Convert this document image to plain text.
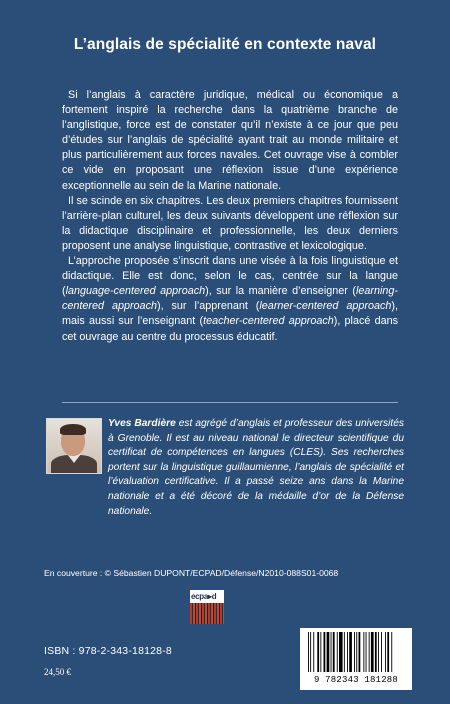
L’anglais de spécialité en contexte naval

Si l’anglais à caractère juridique, médical ou économique a fortement inspiré la recherche dans la quatrième branche de l’anglistique, force est de constater qu’il n’existe à ce jour que peu d’études sur l’anglais de spécialité ayant trait au monde militaire et plus particulièrement aux forces navales. Cet ouvrage vise à combler ce vide en proposant une réflexion issue d’une expérience exceptionnelle au sein de la Marine nationale.

Il se scinde en six chapitres. Les deux premiers chapitres fournissent l’arrière-plan culturel, les deux suivants développent une réflexion sur la didactique disciplinaire et professionnelle, les deux derniers proposent une analyse linguistique, contrastive et lexicologique.

L’approche proposée s’inscrit dans une visée à la fois linguistique et didactique. Elle est donc, selon le cas, centrée sur la langue (language-centered approach), sur la manière d’enseigner (learning-centered approach), sur l’apprenant (learner-centered approach), mais aussi sur l’enseignant (teacher-centered approach), placé dans cet ouvrage au centre du processus éducatif.

Yves Bardière est agrégé d’anglais et professeur des universités à Grenoble. Il est au niveau national le directeur scientifique du certificat de compétences en langues (CLES). Ses recherches portent sur la linguistique guillaumienne, l’anglais de spécialité et l’évaluation certificative. Il a passé seize ans dans la Marine nationale et a été décoré de la médaille d’or de la Défense nationale.
En couverture : © Sébastien DUPONT/ECPAD/Défense/N2010-088S01-0068
ecpa▸d
ISBN : 978-2-343-18128-8
24,50 €
9 782343 181288
